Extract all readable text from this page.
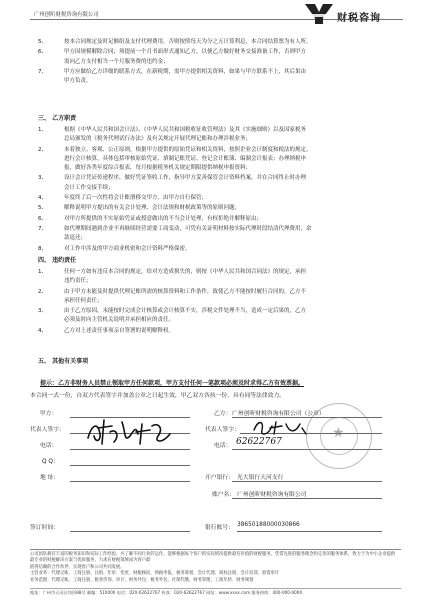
广州创昕财税咨询有限公司	财税咨询
5、	按本合同规定及时足额组及支付代理费用。否则按照每天为分之五计算利息，本合同结算票为有人所。
6、	甲方因规模解除合同，须提前一个月书面形式通知乙方，以便乙方做好财务交接准备工作，否则甲方
需向乙方支付相当一个月服务费的违约金；
7、	甲方应做给乙方详细的联系方式，在新税期，需甲方提供相关资料，如果与甲方联系不上，其后果由
甲方负责。
三、 乙方职责
1、	根据《中华人民共和国会计法》、《中华人民共和国税收征收管理法》及其《实施细则》以及国家税务
总局颁发的《税务代理试行办法》及有关规定开展代理记账和办理涉税业务；
2、	本着独立、客观、公正原则，根据甲方提供的原始凭证和相关资料，按照企业会计制度和税法的规定，
进行会计核算，具体包括审核原始凭证、填制记账凭证、登记会计账簿、编制会计报表；办理纳税申
报，做好各类年度综合报表，每月根据税务机关规定期限提供纳税申报资料；
3、	设计会计凭证传递程序，做好凭证签收工作，指导甲方妥善保管会计资料档案，并在合同终止时办理
会计工作交接手续；
4、	年度终了后一次性将会计账册移交甲方，由甲方自行保管；
5、	解释说明甲方提出的有关会计处理、会计法规和财税政策等的原则问题；
6、	对甲方所提供的不实原始凭证或授意做出的不当会计处理，有权拒绝并解释原由；
7、	如代理期间遇到企业不再继续经营需要工商变动，可凭有关证明材料按实际代理时段结清代理费用，余
款退还；
8、	对工作中涉及的甲方商业机密和会计资料严格保密。
四、 违约责任
1、	任何一方如有违反本合同的规定，给对方造成损失的，则按《中华人民共和国合同法》的规定，承担
违约责任；
2、	由于甲方未能及时提供代理记账所需的核算资料和工作条件，致使乙方不能按时履行合同的，乙方不
承担任何责任；
3、	由于乙方原因，未能按时完成会计核算或会计核算不实，涉税文件处理不当，造成一定后果的，乙方
必须及时向主管机关说明并承担相应的责任。
4、	乙方对上述责任事项亲自签署的说明解释权。
五、 其他有关事项
提示：乙方非财务人员禁止领取甲方任何款项，甲方支付任何一笔款项必须及时求得乙方有效票据。
本合同一式一份，自双方代表签字并加盖公章之日起生效，甲乙双方各执一份，具有同等法律效力。
甲方：
代表人签字：
电话：
Q Q：
地 址：
签订时间：
乙方： 广州创昕财税咨询有限公司（公章）
代表人签字：
电话：
开户银行： 光大银行天河支行
账户名： 广州创昕财税咨询有限公司
银行账号： 38650188000030866
62622767
★
公司团队拥有丰富的税务知识和实际工作经验，并了解不同行业的运作，能够根据每个客户的实际情况提供最有价值的财税服务。凭借先进的服务理念和完善的服务体系，致力于为中小企业提供最专业的财税解决方案与优质服务，力求在财税领域成为客户最
值得信赖的合作伙伴，实现客户和公司共同发展。
主营业务：代理记账、工商注册、注销、年审、变更、财税顾问、纳税申报、税务筹划、会计代理、商标注册、会计培训、验资审计
业务范围：代理记账、工商注册、税务咨询、审计、财务外包、税务外包、社保代缴、财务管理、工商年检、财务规划
地址：广州市天河区岗顶88号 邮编：510000 电话：020-62622767 传真：020-62622767 网址：www.xxxx.com 服务热线：400-000-0000
